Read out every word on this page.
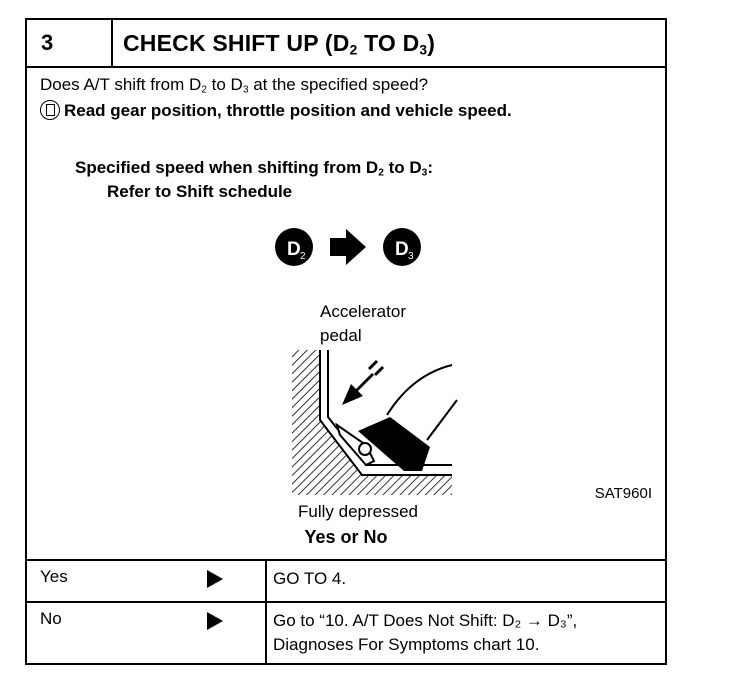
3	CHECK SHIFT UP ($D_2$ TO $D_3$)
Does A/T shift from $D_2$ to $D_3$ at the specified speed?
Read gear position, throttle position and vehicle speed.
Specified speed when shifting from $D_2$ to $D_3$:
Refer to Shift schedule
D 2	D 3
Accelerator
pedal
Fully depressed
SAT960I
Yes or No
Yes	GO TO 4.
No	Go to “10. A/T Does Not Shift: D₂ → D₃”,
Diagnoses For Symptoms chart 10.
